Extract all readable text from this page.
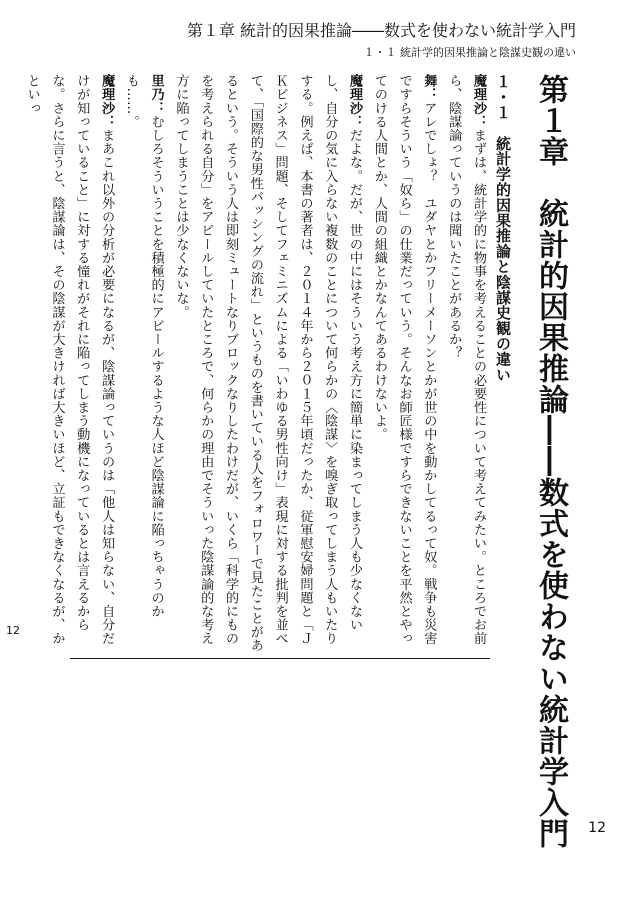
第１章 統計的因果推論――数式を使わない統計学入門
１・１ 統計学的因果推論と陰謀史観の違い
第１章　統計的因果推論――数式を使わない統計学入門

１・１　統計学的因果推論と陰謀史観の違い

魔理沙：まずは、統計学的に物事を考えることの必要性について考えてみたい。ところでお前ら、陰謀論っていうのは聞いたことがあるか？

舞：アレでしょ？　ユダヤとかフリーメーソンとかが世の中を動かしてるって奴。戦争も災害ですらそういう「奴ら」の仕業だっていう。そんなお師匠様ですらできないことを平然とやってのける人間とか、人間の組織とかなんてあるわけないよ。

魔理沙：だよな。だが、世の中にはそういう考え方に簡単に染まってしまう人も少なくないし、自分の気に入らない複数のことについて何らかの〈陰謀〉を嗅ぎ取ってしまう人もいたりする。例えば、本書の著者は、２０１４年から２０１５年頃だったか、従軍慰安婦問題と「ＪＫビジネス」問題、そしてフェミニズムによる「いわゆる男性向け」表現に対する批判を並べて、「国際的な男性バッシングの流れ」というものを書いている人をフォロワーで見たことがあるという。そういう人は即刻ミュートなりブロックなりしたわけだが、いくら「科学的にものを考えられる自分」をアピールしていたところで、何らかの理由でそういった陰謀論的な考え方に陥ってしまうことは少なくないな。

里乃：むしろそういうことを積極的にアピールするような人ほど陰謀論に陥っちゃうのかも……。

魔理沙：まあこれ以外の分析が必要になるが、陰謀論っていうのは「他人は知らない、自分だけが知っていること」に対する憧れがそれに陥ってしまう動機になっているとは言えるからな。さらに言うと、陰謀論は、その陰謀が大きければ大きいほど、立証もできなくなるが、かといっ

12
12
